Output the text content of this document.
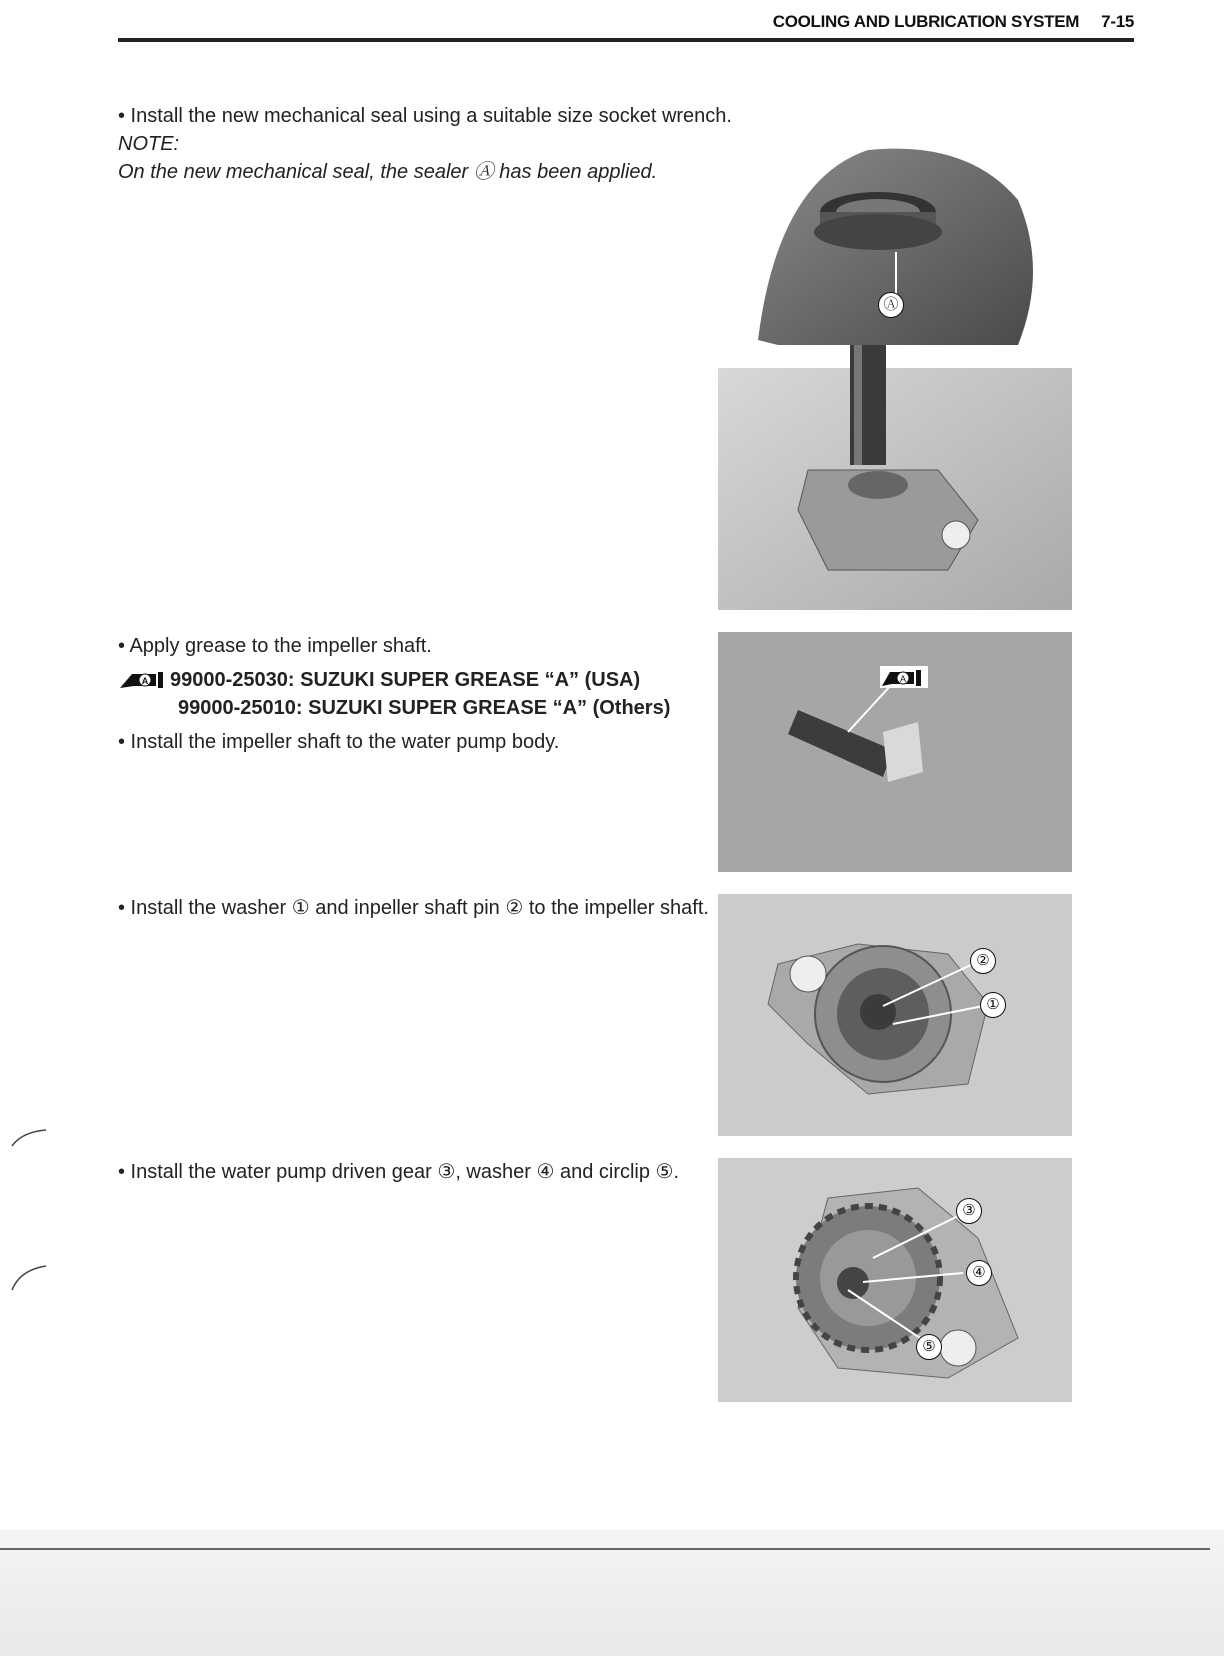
COOLING AND LUBRICATION SYSTEM 7-15
• Install the new mechanical seal using a suitable size socket wrench.
NOTE:
On the new mechanical seal, the sealer Ⓐ has been applied.
Ⓐ
• Apply grease to the impeller shaft.
A 99000-25030: SUZUKI SUPER GREASE “A” (USA)
99000-25010: SUZUKI SUPER GREASE “A” (Others)
• Install the impeller shaft to the water pump body.
A
• Install the washer ① and inpeller shaft pin ② to the impeller shaft.
②
①
• Install the water pump driven gear ③, washer ④ and circlip ⑤.
③
④
⑤
